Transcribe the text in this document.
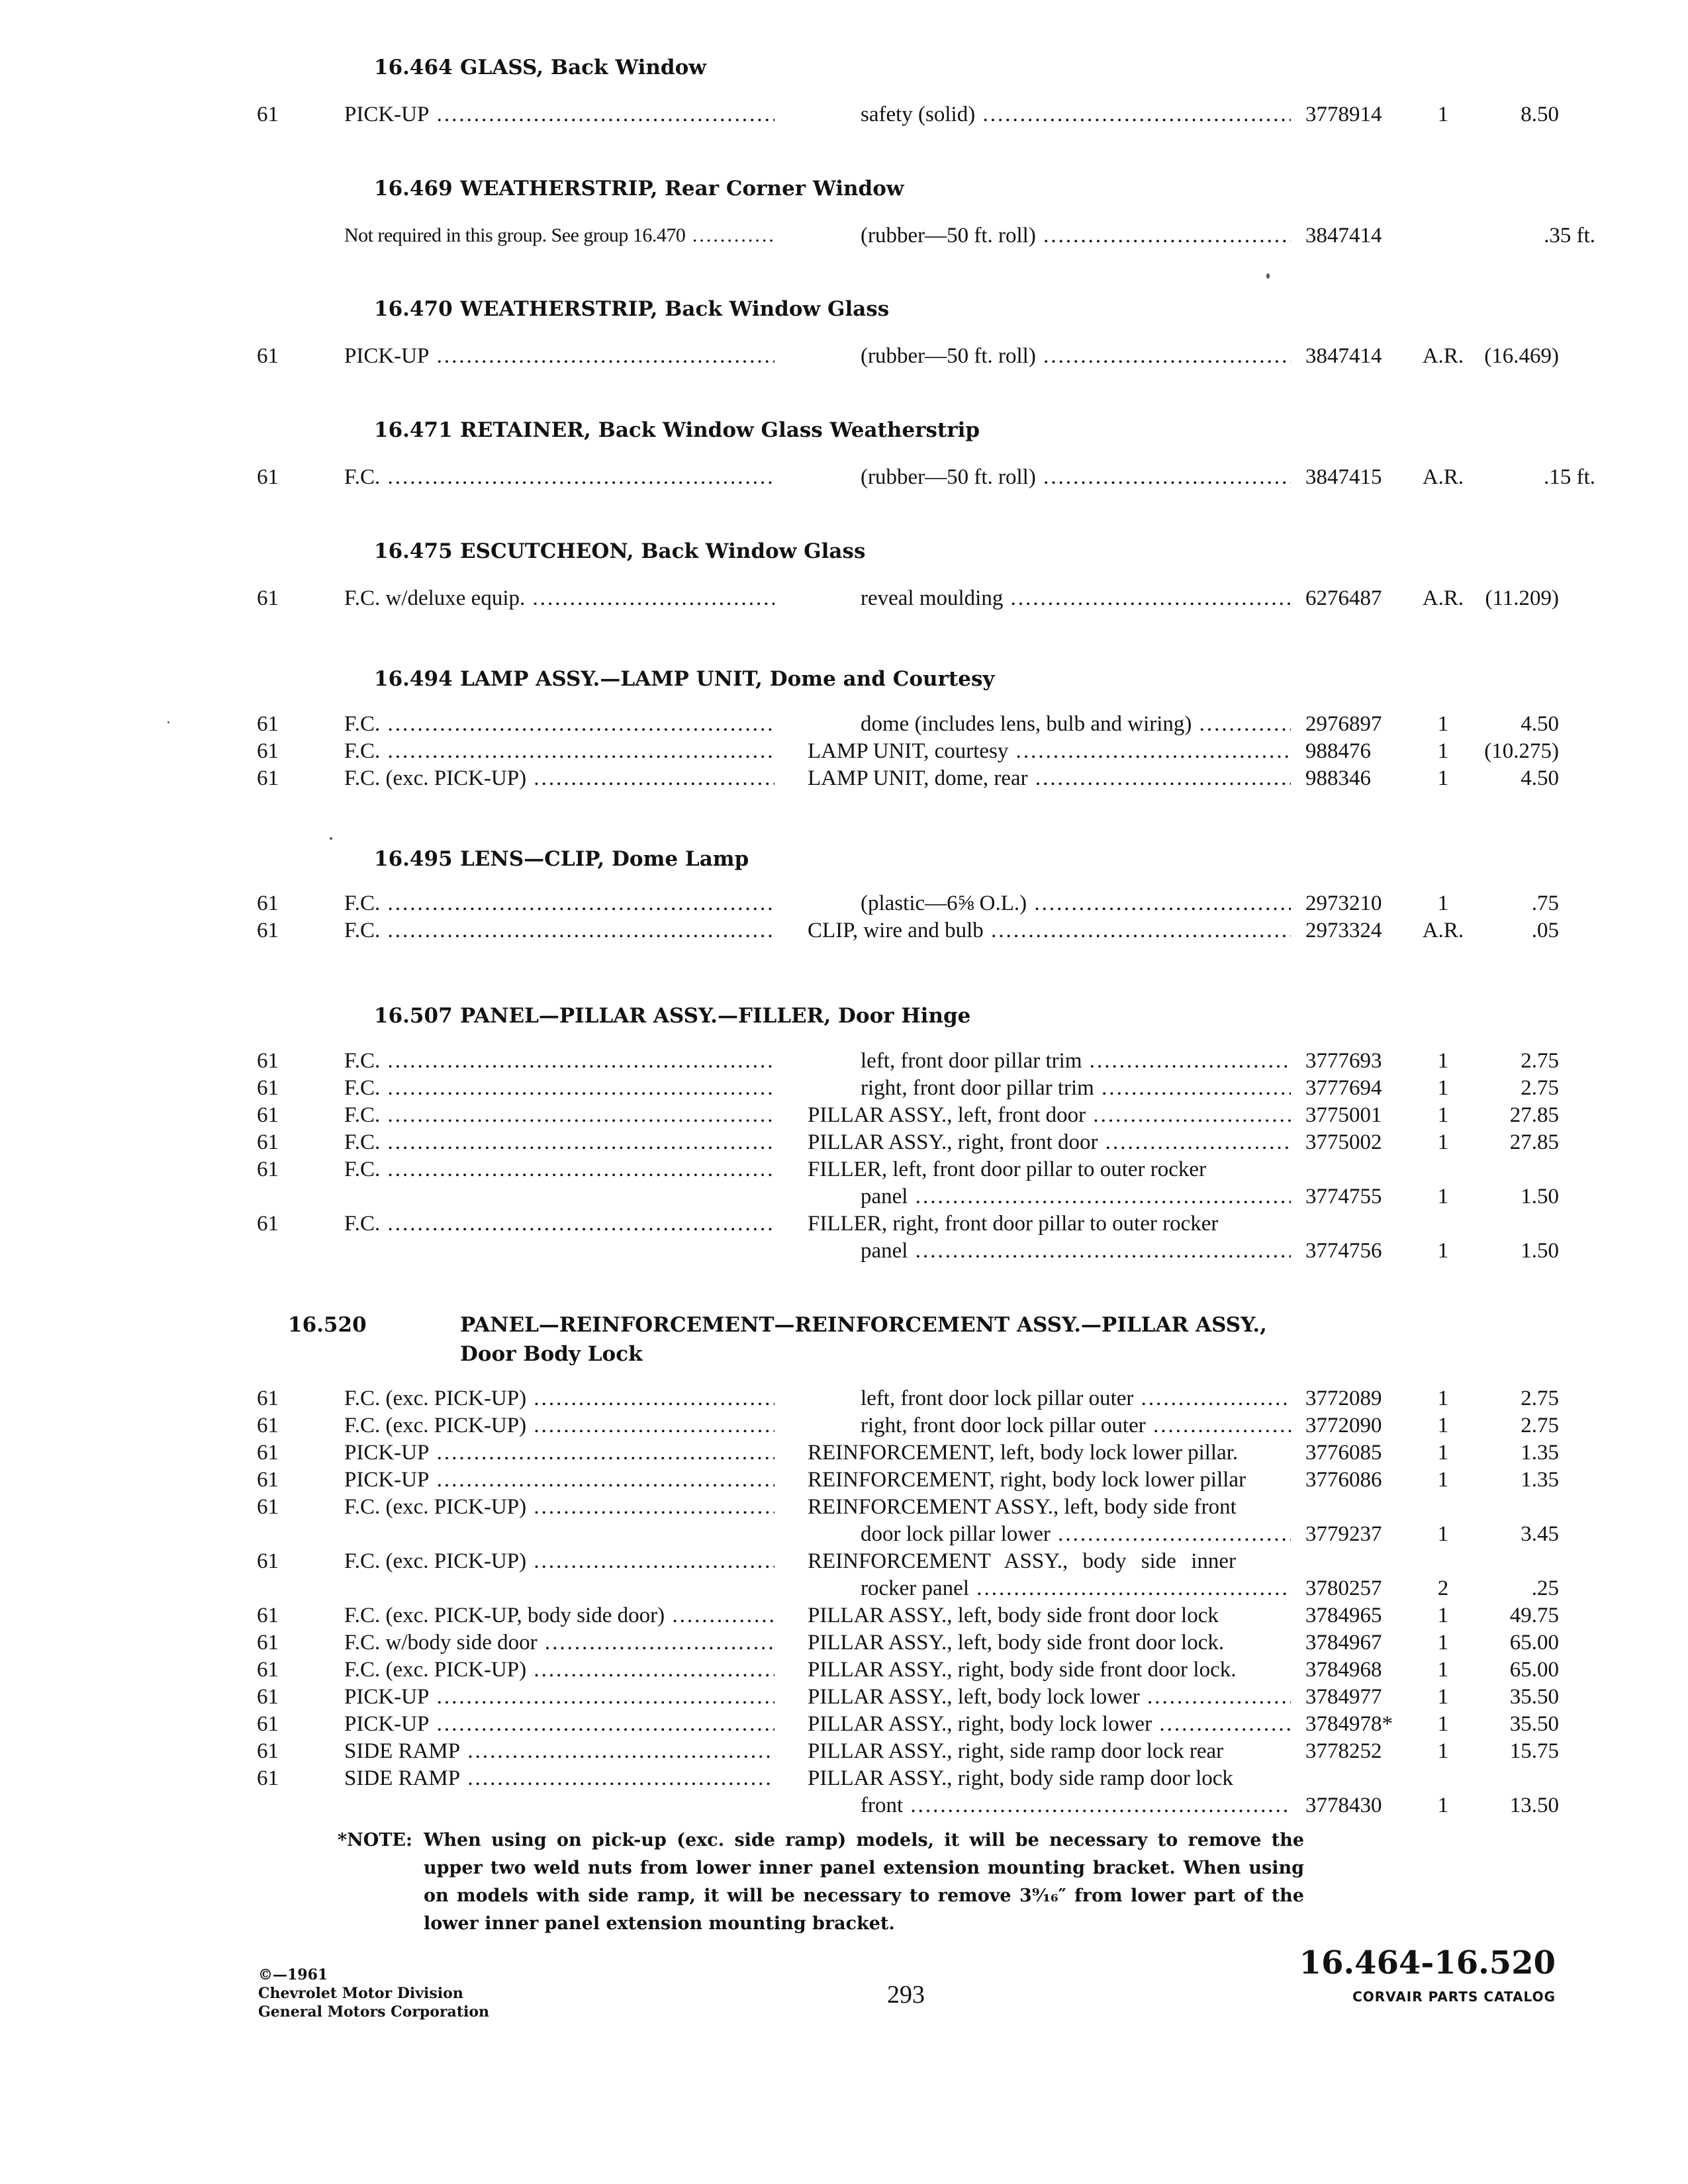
16.464 GLASS, Back Window
61	PICK-UP .....	safety (solid) .....	3778914	1	8.50
16.469 WEATHERSTRIP, Rear Corner Window
Not required in this group. See group 16.470 .....	(rubber—50 ft. roll) .....	3847414	.35 ft.
16.470 WEATHERSTRIP, Back Window Glass
61	PICK-UP .....	(rubber—50 ft. roll) .....	3847414	A.R. (16.469)
16.471 RETAINER, Back Window Glass Weatherstrip
61	F.C. .....	(rubber—50 ft. roll) .....	3847415	A.R.	.15 ft.
16.475 ESCUTCHEON, Back Window Glass
61	F.C. w/deluxe equip. .....	reveal moulding .....	6276487	A.R. (11.209)
16.494 LAMP ASSY.—LAMP UNIT, Dome and Courtesy
61	F.C. .....	dome (includes lens, bulb and wiring) .....	2976897	1	4.50
61	F.C. .....	LAMP UNIT, courtesy .....	988476	1	(10.275)
61	F.C. (exc. PICK-UP) .....	LAMP UNIT, dome, rear .....	988346	1	4.50
16.495 LENS—CLIP, Dome Lamp
61	F.C. .....	(plastic—6⅝ O.L.) .....	2973210	1	.75
61	F.C. .....	CLIP, wire and bulb .....	2973324	A.R.	.05
16.507 PANEL—PILLAR ASSY.—FILLER, Door Hinge
61	F.C. .....	left, front door pillar trim .....	3777693	1	2.75
61	F.C. .....	right, front door pillar trim .....	3777694	1	2.75
61	F.C. .....	PILLAR ASSY., left, front door .....	3775001	1	27.85
61	F.C. .....	PILLAR ASSY., right, front door .....	3775002	1	27.85
61	F.C. .....	FILLER, left, front door pillar to outer rocker
panel .....	3774755	1	1.50
61	F.C. .....	FILLER, right, front door pillar to outer rocker
panel .....	3774756	1	1.50
16.520	PANEL—REINFORCEMENT—REINFORCEMENT ASSY.—PILLAR ASSY., Door Body Lock
61	F.C. (exc. PICK-UP) .....	left, front door lock pillar outer .....	3772089	1	2.75
61	F.C. (exc. PICK-UP) .....	right, front door lock pillar outer .....	3772090	1	2.75
61	PICK-UP .....	REINFORCEMENT, left, body lock lower pillar.	3776085	1	1.35
61	PICK-UP .....	REINFORCEMENT, right, body lock lower pillar	3776086	1	1.35
61	F.C. (exc. PICK-UP) .....	REINFORCEMENT ASSY., left, body side front
door lock pillar lower .....	3779237	1	3.45
61	F.C. (exc. PICK-UP) .....	REINFORCEMENT ASSY., body side inner
rocker panel .....	3780257	2	.25
61	F.C. (exc. PICK-UP, body side door) .....	PILLAR ASSY., left, body side front door lock	3784965	1	49.75
61	F.C. w/body side door .....	PILLAR ASSY., left, body side front door lock.	3784967	1	65.00
61	F.C. (exc. PICK-UP) .....	PILLAR ASSY., right, body side front door lock.	3784968	1	65.00
61	PICK-UP .....	PILLAR ASSY., left, body lock lower .....	3784977	1	35.50
61	PICK-UP .....	PILLAR ASSY., right, body lock lower .....	3784978*	1	35.50
61	SIDE RAMP .....	PILLAR ASSY., right, side ramp door lock rear	3778252	1	15.75
61	SIDE RAMP .....	PILLAR ASSY., right, body side ramp door lock
front .....	3778430	1	13.50
*NOTE: When using on pick-up (exc. side ramp) models, it will be necessary to remove the upper two weld nuts from lower inner panel extension mounting bracket. When using on models with side ramp, it will be necessary to remove 3⁹⁄₁₆″ from lower part of the lower inner panel extension mounting bracket.
©—1961
Chevrolet Motor Division
General Motors Corporation
293
16.464-16.520
CORVAIR PARTS CATALOG
